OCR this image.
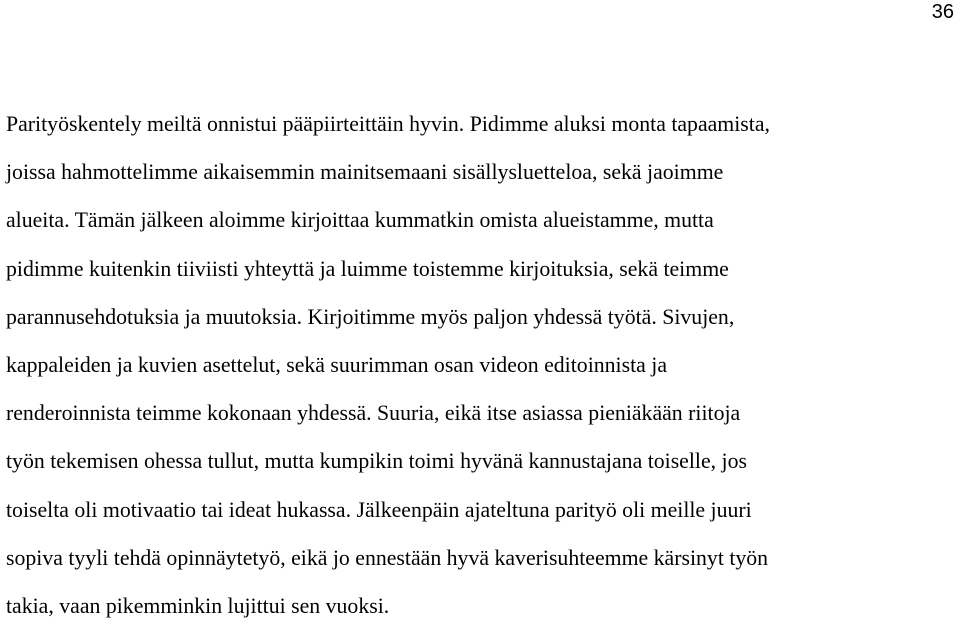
36

Parityöskentely meiltä onnistui pääpiirteittäin hyvin. Pidimme aluksi monta tapaamista,
joissa hahmottelimme aikaisemmin mainitsemaani sisällysluetteloa, sekä jaoimme
alueita. Tämän jälkeen aloimme kirjoittaa kummatkin omista alueistamme, mutta
pidimme kuitenkin tiiviisti yhteyttä ja luimme toistemme kirjoituksia, sekä teimme
parannusehdotuksia ja muutoksia. Kirjoitimme myös paljon yhdessä työtä. Sivujen,
kappaleiden ja kuvien asettelut, sekä suurimman osan videon editoinnista ja
renderoinnista teimme kokonaan yhdessä. Suuria, eikä itse asiassa pieniäkään riitoja
työn tekemisen ohessa tullut, mutta kumpikin toimi hyvänä kannustajana toiselle, jos
toiselta oli motivaatio tai ideat hukassa. Jälkeenpäin ajateltuna parityö oli meille juuri
sopiva tyyli tehdä opinnäytetyö, eikä jo ennestään hyvä kaverisuhteemme kärsinyt työn
takia, vaan pikemminkin lujittui sen vuoksi.
